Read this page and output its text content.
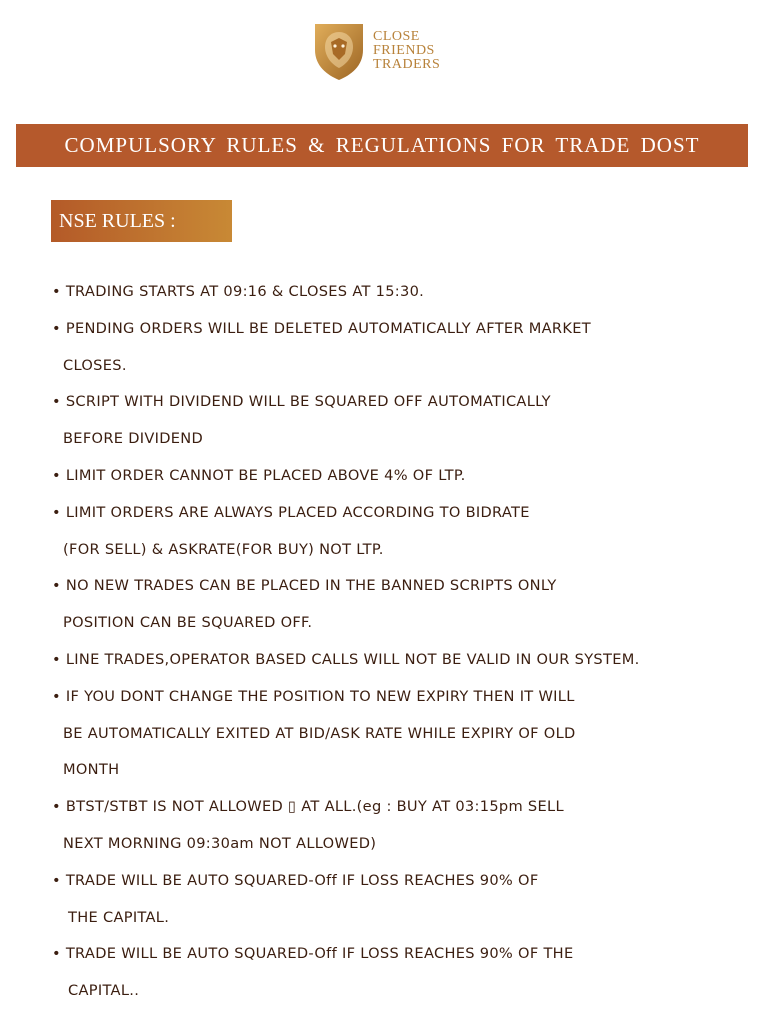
CLOSE
FRIENDS
TRADERS
COMPULSORY RULES & REGULATIONS FOR TRADE DOST
NSE RULES :
• TRADING STARTS AT 09:16 & CLOSES AT 15:30.
• PENDING ORDERS WILL BE DELETED AUTOMATICALLY AFTER MARKET
CLOSES.
• SCRIPT WITH DIVIDEND WILL BE SQUARED OFF AUTOMATICALLY
BEFORE DIVIDEND
• LIMIT ORDER CANNOT BE PLACED ABOVE 4% OF LTP.
• LIMIT ORDERS ARE ALWAYS PLACED ACCORDING TO BIDRATE
(FOR SELL) & ASKRATE(FOR BUY) NOT LTP.
• NO NEW TRADES CAN BE PLACED IN THE BANNED SCRIPTS ONLY
POSITION CAN BE SQUARED OFF.
• LINE TRADES,OPERATOR BASED CALLS WILL NOT BE VALID IN OUR SYSTEM.
• IF YOU DONT CHANGE THE POSITION TO NEW EXPIRY THEN IT WILL
BE AUTOMATICALLY EXITED AT BID/ASK RATE WHILE EXPIRY OF OLD
MONTH
• BTST/STBT IS NOT ALLOWED ▯ AT ALL.(eg : BUY AT 03:15pm SELL
NEXT MORNING 09:30am NOT ALLOWED)
• TRADE WILL BE AUTO SQUARED-Off IF LOSS REACHES 90% OF
THE CAPITAL.
• TRADE WILL BE AUTO SQUARED-Off IF LOSS REACHES 90% OF THE
CAPITAL..
